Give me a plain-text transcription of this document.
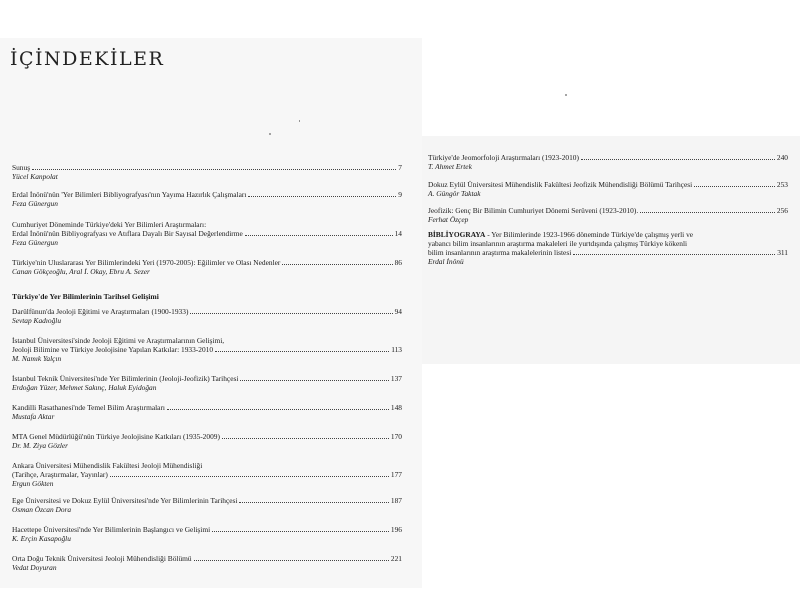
İÇİNDEKİLER
Sunuş	7
Yücel Kanpolat
Erdal İnönü'nün 'Yer Bilimleri Bibliyografyası'nın Yayıma Hazırlık Çalışmaları	9
Feza Günergun
Cumhuriyet Döneminde Türkiye'deki Yer Bilimleri Araştırmaları:
Erdal İnönü'nün Bibliyografyası ve Atıflara Dayalı Bir Sayısal Değerlendirme	14
Feza Günergun
Türkiye'nin Uluslararası Yer Bilimlerindeki Yeri (1970-2005): Eğilimler ve Olası Nedenler	86
Canan Gökçeoğlu, Aral İ. Okay, Ebru A. Sezer
Türkiye'de Yer Bilimlerinin Tarihsel Gelişimi
Darülfünun'da Jeoloji Eğitimi ve Araştırmaları (1900-1933)	94
Sevtap Kadıoğlu
İstanbul Üniversitesi'sinde Jeoloji Eğitimi ve Araştırmalarının Gelişimi,
Jeoloji Bilimine ve Türkiye Jeolojisine Yapılan Katkılar: 1933-2010	113
M. Namık Yalçın
İstanbul Teknik Üniversitesi'nde Yer Bilimlerinin (Jeoloji-Jeofizik) Tarihçesi	137
Erdoğan Yüzer, Mehmet Sakınç, Haluk Eyidoğan
Kandilli Rasathanesi'nde Temel Bilim Araştırmaları	148
Mustafa Aktar
MTA Genel Müdürlüğü'nün Türkiye Jeolojisine Katkıları (1935-2009)	170
Dr. M. Ziya Gözler
Ankara Üniversitesi Mühendislik Fakültesi Jeoloji Mühendisliği
(Tarihçe, Araştırmalar, Yayınlar)	177
Ergun Gökten
Ege Üniversitesi ve Dokuz Eylül Üniversitesi'nde Yer Bilimlerinin Tarihçesi	187
Osman Özcan Dora
Hacettepe Üniversitesi'nde Yer Bilimlerinin Başlangıcı ve Gelişimi	196
K. Erçin Kasapoğlu
Orta Doğu Teknik Üniversitesi Jeoloji Mühendisliği Bölümü	221
Vedat Doyuran
Türkiye'de Jeomorfoloji Araştırmaları (1923-2010)	240
T. Ahmet Ertek
Dokuz Eylül Üniversitesi Mühendislik Fakültesi Jeofizik Mühendisliği Bölümü Tarihçesi	253
A. Güngör Taktak
Jeofizik: Genç Bir Bilimin Cumhuriyet Dönemi Serüveni (1923-2010).	256
Ferhat Özçep
BİBLİYOGRAYA - Yer Bilimlerinde 1923-1966 döneminde Türkiye'de çalışmış yerli ve
yabancı bilim insanlarının araştırma makaleleri ile yurtdışında çalışmış Türkiye kökenli
bilim insanlarının araştırma makalelerinin listesi	311
Erdal İnönü
